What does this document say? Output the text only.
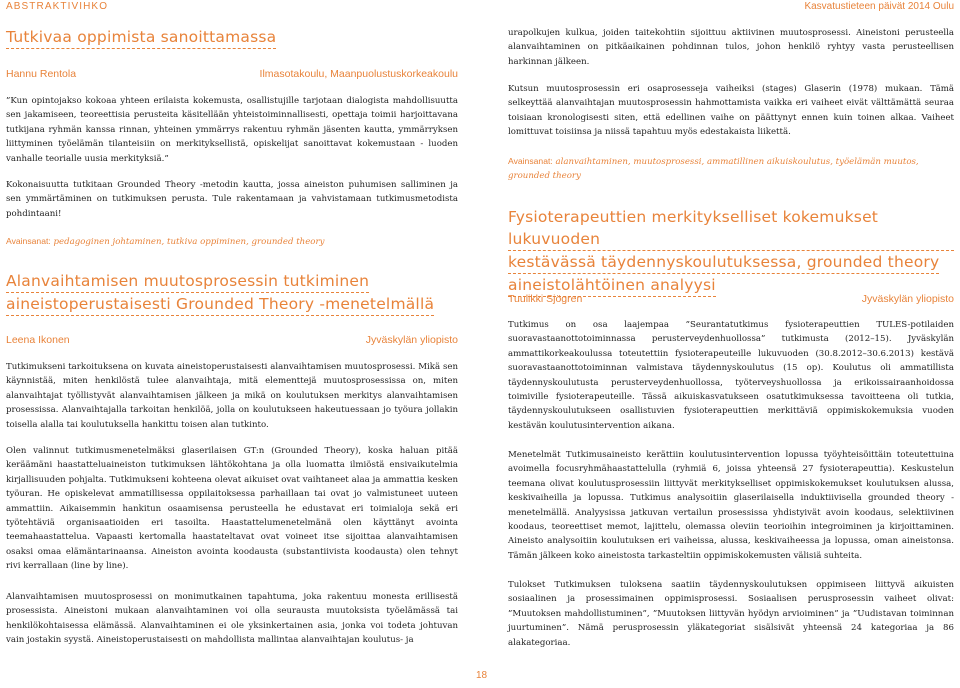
ABSTRAKTIVIHKO	Kasvatustieteen päivät 2014 Oulu
Tutkivaa oppimista sanoittamassa
Hannu Rentola	Ilmasotakoulu, Maanpuolustuskorkeakoulu

”Kun opintojakso kokoaa yhteen erilaista kokemusta, osallistujille tarjotaan dialogista mahdollisuutta sen jakamiseen, teoreettisia perusteita käsitellään yhteistoiminnallisesti, opettaja toimii harjoittavana tutkijana ryhmän kanssa rinnan, yhteinen ymmärrys rakentuu ryhmän jäsenten kautta, ymmärryksen liittyminen työelämän tilanteisiin on merkityksellistä, opiskelijat sanoittavat kokemustaan - luoden vanhalle teorialle uusia merkityksiä.”

Kokonaisuutta tutkitaan Grounded Theory -metodin kautta, jossa aineiston puhumisen salliminen ja sen ymmärtäminen on tutkimuksen perusta. Tule rakentamaan ja vahvistamaan tutkimusmetodista pohdintaani!

Avainsanat: pedagoginen johtaminen, tutkiva oppiminen, grounded theory

Alanvaihtamisen muutosprosessin tutkiminen
aineistoperustaisesti Grounded Theory -menetelmällä
Leena Ikonen	Jyväskylän yliopisto

Tutkimukseni tarkoituksena on kuvata aineistoperustaisesti alanvaihtamisen muutosprosessi. Mikä sen käynnistää, miten henkilöstä tulee alanvaihtaja, mitä elementtejä muutosprosessissa on, miten alanvaihtajat työllistyvät alanvaihtamisen jälkeen ja mikä on koulutuksen merkitys alanvaihtamisen prosessissa. Alanvaihtajalla tarkoitan henkilöä, jolla on koulutukseen hakeutuessaan jo työura jollakin toisella alalla tai koulutuksella hankittu toisen alan tutkinto.

Olen valinnut tutkimusmenetelmäksi glaserilaisen GT:n (Grounded Theory), koska haluan pitää keräämäni haastatteluaineiston tutkimuksen lähtökohtana ja olla luomatta ilmiöstä ensivaikutelmia kirjallisuuden pohjalta. Tutkimukseni kohteena olevat aikuiset ovat vaihtaneet alaa ja ammattia kesken työuran. He opiskelevat ammatillisessa oppilaitoksessa parhaillaan tai ovat jo valmistuneet uuteen ammattiin. Aikaisemmin hankitun osaamisensa perusteella he edustavat eri toimialoja sekä eri työtehtäviä organisaatioiden eri tasoilta. Haastattelumenetelmänä olen käyttänyt avointa teemahaastattelua. Vapaasti kertomalla haastateltavat ovat voineet itse sijoittaa alanvaihtamisen osaksi omaa elämäntarinaansa. Aineiston avointa koodausta (substantiivista koodausta) olen tehnyt rivi kerrallaan (line by line).

Alanvaihtamisen muutosprosessi on monimutkainen tapahtuma, joka rakentuu monesta erillisestä prosessista. Aineistoni mukaan alanvaihtaminen voi olla seurausta muutoksista työelämässä tai henkilökohtaisessa elämässä. Alanvaihtaminen ei ole yksinkertainen asia, jonka voi todeta johtuvan vain jostakin syystä. Aineistoperustaisesti on mahdollista mallintaa alanvaihtajan koulutus- ja

urapolkujen kulkua, joiden taitekohtiin sijoittuu aktiivinen muutosprosessi. Aineistoni perusteella alanvaihtaminen on pitkäaikainen pohdinnan tulos, johon henkilö ryhtyy vasta perusteellisen harkinnan jälkeen.

Kutsun muutosprosessin eri osaprosesseja vaiheiksi (stages) Glaserin (1978) mukaan. Tämä selkeyttää alanvaihtajan muutosprosessin hahmottamista vaikka eri vaiheet eivät välttämättä seuraa toisiaan kronologisesti siten, että edellinen vaihe on päättynyt ennen kuin toinen alkaa. Vaiheet lomittuvat toisiinsa ja niissä tapahtuu myös edestakaista liikettä.

Avainsanat: alanvaihtaminen, muutosprosessi, ammatillinen aikuiskoulutus, työelämän muutos, grounded theory

Fysioterapeuttien merkitykselliset kokemukset lukuvuoden
kestävässä täydennyskoulutuksessa, grounded theory
aineistolähtöinen analyysi
Tuulikki Sjögren	Jyväskylän yliopisto

Tutkimus on osa laajempaa ”Seurantatutkimus fysioterapeuttien TULES-potilaiden suoravastaanottotoiminnassa perusterveydenhuollossa” tutkimusta (2012–15). Jyväskylän ammattikorkeakoulussa toteutettiin fysioterapeuteille lukuvuoden (30.8.2012–30.6.2013) kestävä suoravastaanottotoiminnan valmistava täydennyskoulutus (15 op). Koulutus oli ammatillista täydennyskoulutusta perusterveydenhuollossa, työterveyshuollossa ja erikoissairaanhoidossa toimiville fysioterapeuteille. Tässä aikuiskasvatukseen osatutkimuksessa tavoitteena oli tutkia, täydennyskoulutukseen osallistuvien fysioterapeuttien merkittäviä oppimiskokemuksia vuoden kestävän koulutusintervention aikana.

Menetelmät Tutkimusaineisto kerättiin koulutusintervention lopussa työyhteisöittäin toteutettuina avoimella focusryhmähaastattelulla (ryhmiä 6, joissa yhteensä 27 fysioterapeuttia). Keskustelun teemana olivat koulutusprosessiin liittyvät merkitykselliset oppimiskokemukset koulutuksen alussa, keskivaiheilla ja lopussa. Tutkimus analysoitiin glaserilaisella induktiivisella grounded theory -menetelmällä. Analyysissa jatkuvan vertailun prosessissa yhdistyivät avoin koodaus, selektiivinen koodaus, teoreettiset memot, lajittelu, olemassa oleviin teorioihin integroiminen ja kirjoittaminen. Aineisto analysoitiin koulutuksen eri vaiheissa, alussa, keskivaiheessa ja lopussa, oman aineistonsa. Tämän jälkeen koko aineistosta tarkasteltiin oppimiskokemusten välisiä suhteita.

Tulokset Tutkimuksen tuloksena saatiin täydennyskoulutuksen oppimiseen liittyvä aikuisten sosiaalinen ja prosessimainen oppimisprosessi. Sosiaalisen perusprosessin vaiheet olivat: ”Muutoksen mahdollistuminen”, ”Muutoksen liittyvän hyödyn arvioiminen” ja ”Uudistavan toiminnan juurtuminen”. Nämä perusprosessin yläkategoriat sisälsivät yhteensä 24 kategoriaa ja 86 alakategoriaa.

18
